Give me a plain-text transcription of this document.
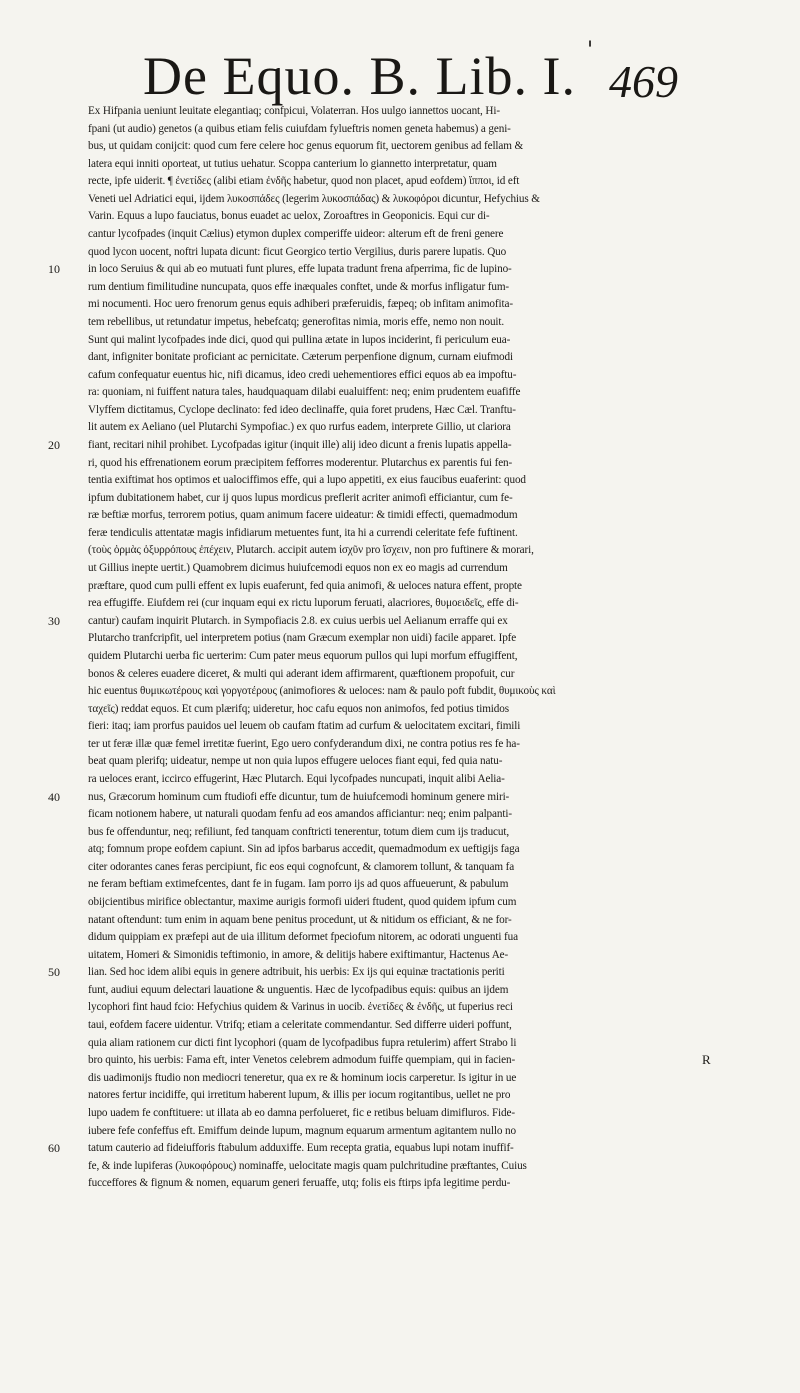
De Equo. B. Lib. I. '
469
10
20
30
40
50
60
Ex Hifpania ueniunt leuitate elegantiaq; confpicui, Volaterran. Hos uulgo iannettos uocant, Hi-
fpani (ut audio) genetos (a quibus etiam felis cuiufdam fylueftris nomen geneta habemus) a geni-
bus, ut quidam conijcit: quod cum fere celere hoc genus equorum fit, uectorem genibus ad fellam &
latera equi inniti oporteat, ut tutius uehatur. Scoppa canterium lo giannetto interpretatur, quam
recte, ipfe uiderit. ¶ ἐνετίδες (alibi etiam ἐνδῆς habetur, quod non placet, apud eofdem) ἵπποι, id eft
Veneti uel Adriatici equi, ijdem λυκοσπάδες (legerim λυκοσπάδας) & λυκοφόροι dicuntur, Hefychius &
Varin. Equus a lupo fauciatus, bonus euadet ac uelox, Zoroaftres in Geoponicis. Equi cur di-
cantur lycofpades (inquit Cælius) etymon duplex comperiffe uideor: alterum eft de freni genere
quod lycon uocent, noftri lupata dicunt: ficut Georgico tertio Vergilius, duris parere lupatis. Quo
in loco Seruius & qui ab eo mutuati funt plures, effe lupata tradunt frena afperrima, fic de lupino-
rum dentium fimilitudine nuncupata, quos effe inæquales conftet, unde & morfus infligatur fum-
mi nocumenti. Hoc uero frenorum genus equis adhiberi præferuidis, fæpeq; ob infitam animofita-
tem rebellibus, ut retundatur impetus, hebefcatq; generofitas nimia, moris effe, nemo non nouit.
Sunt qui malint lycofpades inde dici, quod qui pullina ætate in lupos inciderint, fi periculum eua-
dant, infigniter bonitate proficiant ac pernicitate. Cæterum perpenfione dignum, curnam eiufmodi
cafum confequatur euentus hic, nifi dicamus, ideo credi uehementiores effici equos ab ea impoftu-
ra: quoniam, ni fuiffent natura tales, haudquaquam dilabi eualuiffent: neq; enim prudentem euafiffe
Vlyffem dictitamus, Cyclope declinato: fed ideo declinaffe, quia foret prudens, Hæc Cæl. Tranftu-
lit autem ex Aeliano (uel Plutarchi Sympofiac.) ex quo rurfus eadem, interprete Gillio, ut clariora
fiant, recitari nihil prohibet. Lycofpadas igitur (inquit ille) alij ideo dicunt a frenis lupatis appella-
ri, quod his effrenationem eorum præcipitem fefforres moderentur. Plutarchus ex parentis fui fen-
tentia exiftimat hos optimos et ualociffimos effe, qui a lupo appetiti, ex eius faucibus euaferint: quod
ipfum dubitationem habet, cur ij quos lupus mordicus preflerit acriter animofi efficiantur, cum fe-
ræ beftiæ morfus, terrorem potius, quam animum facere uideatur: & timidi effecti, quemadmodum
feræ tendiculis attentatæ magis infidiarum metuentes funt, ita hi a currendi celeritate fefe fuftinent.
(τοὺς ὁρμὰς ὀξυρρόπους ἐπέχειν, Plutarch. accipit autem ἰσχῦν pro ἴσχειν, non pro fuftinere & morari,
ut Gillius inepte uertit.) Quamobrem dicimus huiufcemodi equos non ex eo magis ad currendum
præftare, quod cum pulli effent ex lupis euaferunt, fed quia animofi, & ueloces natura effent, propte
rea effugiffe. Eiufdem rei (cur inquam equi ex rictu luporum feruati, alacriores, θυμοειδεῖς, effe di-
cantur) caufam inquirit Plutarch. in Sympofiacis 2.8. ex cuius uerbis uel Aelianum erraffe qui ex
Plutarcho tranfcripfit, uel interpretem potius (nam Græcum exemplar non uidi) facile apparet. Ipfe
quidem Plutarchi uerba fic uerterim: Cum pater meus equorum pullos qui lupi morfum effugiffent,
bonos & celeres euadere diceret, & multi qui aderant idem affirmarent, quæftionem propofuit, cur
hic euentus θυμικωτέρους καὶ γοργοτέρους (animofiores & ueloces: nam & paulo poft fubdit, θυμικοὺς καὶ
ταχεῖς) reddat equos. Et cum plærifq; uideretur, hoc cafu equos non animofos, fed potius timidos
fieri: itaq; iam prorfus pauidos uel leuem ob caufam ftatim ad curfum & uelocitatem excitari, fimili
ter ut feræ illæ quæ femel irretitæ fuerint, Ego uero confyderandum dixi, ne contra potius res fe ha-
beat quam plerifq; uideatur, nempe ut non quia lupos effugere ueloces fiant equi, fed quia natu-
ra ueloces erant, iccirco effugerint, Hæc Plutarch. Equi lycofpades nuncupati, inquit alibi Aelia-
nus, Græcorum hominum cum ftudiofi effe dicuntur, tum de huiufcemodi hominum genere miri-
ficam notionem habere, ut naturali quodam fenfu ad eos amandos afficiantur: neq; enim palpanti-
bus fe offenduntur, neq; refiliunt, fed tanquam conftricti tenerentur, totum diem cum ijs traducut,
atq; fomnum prope eofdem capiunt. Sin ad ipfos barbarus accedit, quemadmodum ex ueftigijs faga
citer odorantes canes feras percipiunt, fic eos equi cognofcunt, & clamorem tollunt, & tanquam fa
ne feram beftiam extimefcentes, dant fe in fugam. Iam porro ijs ad quos affueuerunt, & pabulum
obijcientibus mirifice oblectantur, maxime aurigis formofi uideri ftudent, quod quidem ipfum cum
natant oftendunt: tum enim in aquam bene penitus procedunt, ut & nitidum os efficiant, & ne for-
didum quippiam ex præfepi aut de uia illitum deformet fpeciofum nitorem, ac odorati unguenti fua
uitatem, Homeri & Simonidis teftimonio, in amore, & delitijs habere exiftimantur, Hactenus Ae-
lian. Sed hoc idem alibi equis in genere adtribuit, his uerbis: Ex ijs qui equinæ tractationis periti
funt, audiui equum delectari lauatione & unguentis. Hæc de lycofpadibus equis: quibus an ijdem
lycophori fint haud fcio: Hefychius quidem & Varinus in uocib. ἐνετίδες & ἐνδῆς, ut fuperius reci
taui, eofdem facere uidentur. Vtrifq; etiam a celeritate commendantur. Sed differre uideri poffunt,
quia aliam rationem cur dicti fint lycophori (quam de lycofpadibus fupra retulerim) affert Strabo li
bro quinto, his uerbis: Fama eft, inter Venetos celebrem admodum fuiffe quempiam, qui in facien-
dis uadimonijs ftudio non mediocri teneretur, qua ex re & hominum iocis carperetur. Is igitur in ue
natores fertur incidiffe, qui irretitum haberent lupum, & illis per iocum rogitantibus, uellet ne pro
lupo uadem fe conftituere: ut illata ab eo damna perfolueret, fic e retibus beluam dimifluros. Fide-
iubere fefe confeffus eft. Emiffum deinde lupum, magnum equarum armentum agitantem nullo no
tatum cauterio ad fideiufforis ftabulum adduxiffe. Eum recepta gratia, equabus lupi notam inuffif-
fe, & inde lupiferas (λυκοφόρους) nominaffe, uelocitate magis quam pulchritudine præftantes, Cuius
fucceffores & fignum & nomen, equarum generi feruaffe, utq; folis eis ftirps ipfa legitime perdu-
R
